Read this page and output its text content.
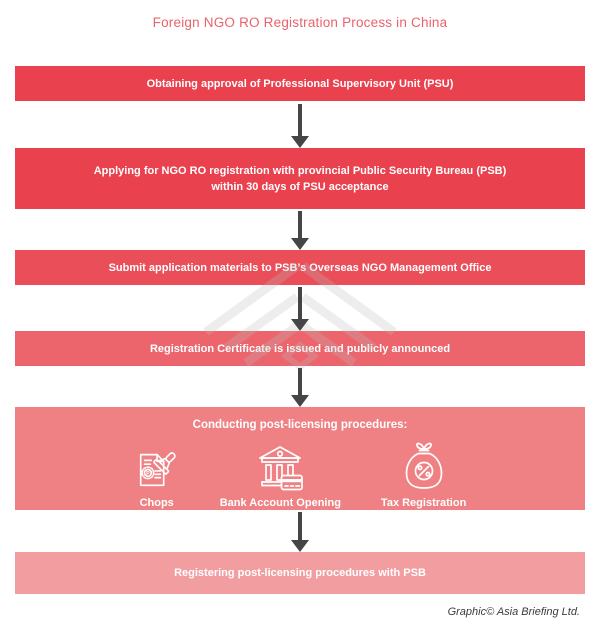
Foreign NGO RO Registration Process in China
Obtaining approval of Professional Supervisory Unit (PSU)
Applying for NGO RO registration with provincial Public Security Bureau (PSB)
within 30 days of PSU acceptance
Submit application materials to PSB’s Overseas NGO Management Office
Registration Certificate is issued and publicly announced
Conducting post-licensing procedures:
P
Chops	Bank Account Opening	Tax Registration
Registering post-licensing procedures with PSB
Graphic© Asia Briefing Ltd.
